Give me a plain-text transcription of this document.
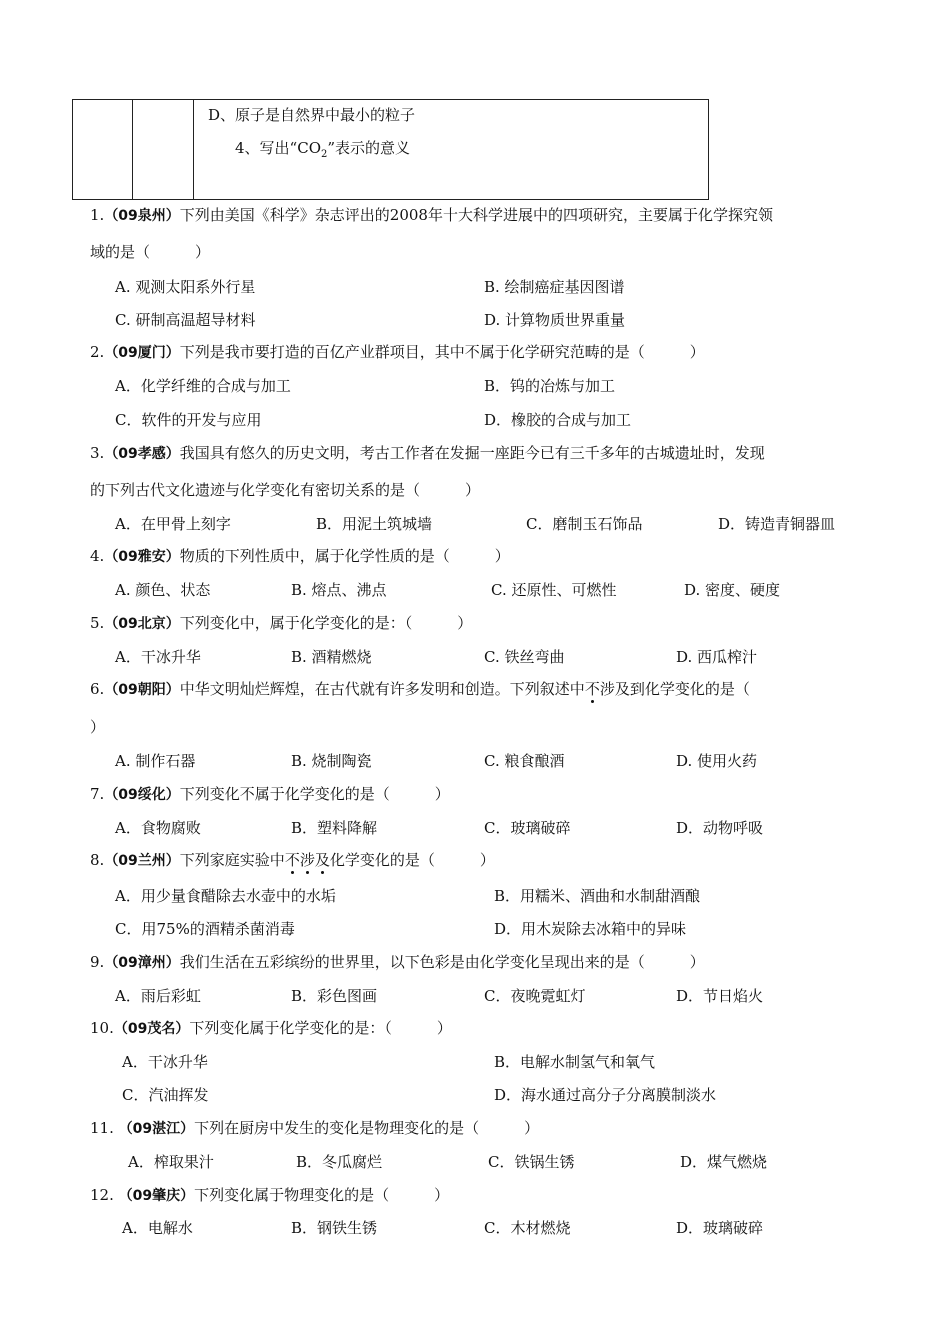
D、原子是自然界中最小的粒子
4、写出“$CO_2$”表示的意义
1.（09泉州）下列由美国《科学》杂志评出的2008年十大科学进展中的四项研究，主要属于化学探究领
域的是（　　　）
A. 观测太阳系外行星	B. 绘制癌症基因图谱
C. 研制高温超导材料	D. 计算物质世界重量
2.（09厦门）下列是我市要打造的百亿产业群项目，其中不属于化学研究范畴的是（　　　）
A．化学纤维的合成与加工	B．钨的冶炼与加工
C．软件的开发与应用	D．橡胶的合成与加工
3.（09孝感）我国具有悠久的历史文明，考古工作者在发掘一座距今已有三千多年的古城遗址时，发现
的下列古代文化遗迹与化学变化有密切关系的是（　　　）
A．在甲骨上刻字	B．用泥土筑城墙	C．磨制玉石饰品	D．铸造青铜器皿
4.（09雅安）物质的下列性质中，属于化学性质的是（　　　）
A. 颜色、状态	B. 熔点、沸点	C. 还原性、可燃性	D. 密度、硬度
5.（09北京）下列变化中，属于化学变化的是：（　　　）
A．干冰升华	B. 酒精燃烧	C. 铁丝弯曲	D. 西瓜榨汁
6.（09朝阳）中华文明灿烂辉煌，在古代就有许多发明和创造。下列叙述中不涉及到化学变化的是（
）
A. 制作石器	B. 烧制陶瓷	C. 粮食酿酒	D. 使用火药
7.（09绥化）下列变化不属于化学变化的是（　　　）
A．食物腐败	B．塑料降解	C．玻璃破碎	D．动物呼吸
8.（09兰州）下列家庭实验中不涉及化学变化的是（　　　）
A．用少量食醋除去水壶中的水垢	B．用糯米、酒曲和水制甜酒酿
C．用75%的酒精杀菌消毒	D．用木炭除去冰箱中的异味
9.（09漳州）我们生活在五彩缤纷的世界里，以下色彩是由化学变化呈现出来的是（　　　）
A．雨后彩虹	B．彩色图画	C．夜晚霓虹灯	D．节日焰火
10.（09茂名）下列变化属于化学变化的是：（　　　）
A．干冰升华	B．电解水制氢气和氧气
C．汽油挥发	D．海水通过高分子分离膜制淡水
11. （09湛江）下列在厨房中发生的变化是物理变化的是（　　　）
A．榨取果汁	B．冬瓜腐烂	C．铁锅生锈	D．煤气燃烧
12. （09肇庆）下列变化属于物理变化的是（　　　）
A．电解水	B．钢铁生锈	C．木材燃烧	D．玻璃破碎
